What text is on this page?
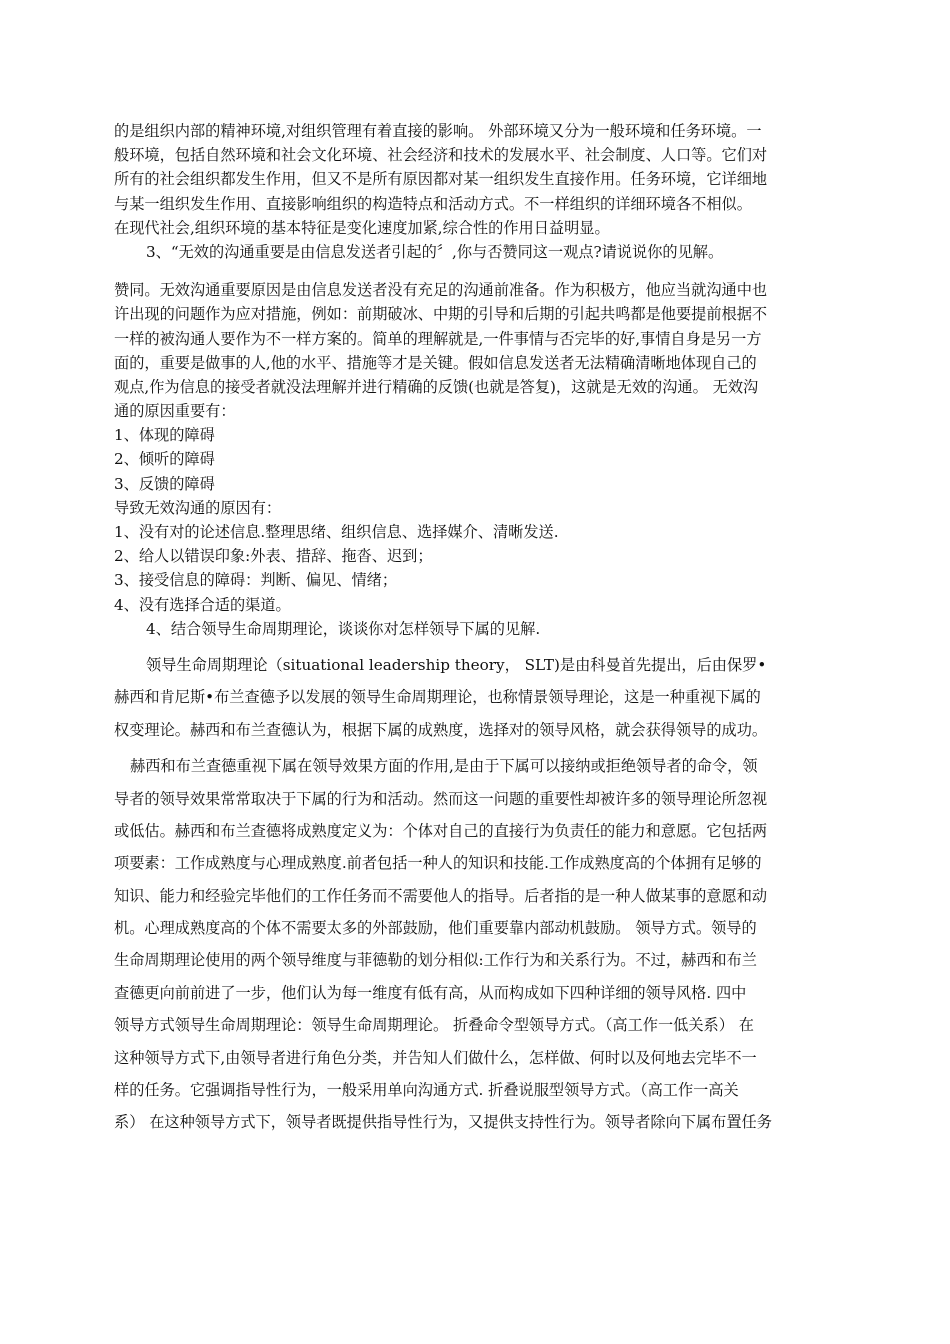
的是组织内部的精神环境,对组织管理有着直接的影响。 外部环境又分为一般环境和任务环境。一
般环境，包括自然环境和社会文化环境、社会经济和技术的发展水平、社会制度、人口等。它们对
所有的社会组织都发生作用，但又不是所有原因都对某一组织发生直接作用。任务环境，它详细地
与某一组织发生作用、直接影响组织的构造特点和活动方式。不一样组织的详细环境各不相似。
在现代社会,组织环境的基本特征是变化速度加紧,综合性的作用日益明显。
3、“无效的沟通重要是由信息发送者引起的〞,你与否赞同这一观点?请说说你的见解。
赞同。无效沟通重要原因是由信息发送者没有充足的沟通前准备。作为积极方，他应当就沟通中也
许出现的问题作为应对措施，例如：前期破冰、中期的引导和后期的引起共鸣都是他要提前根据不
一样的被沟通人要作为不一样方案的。简单的理解就是,一件事情与否完毕的好,事情自身是另一方
面的，重要是做事的人,他的水平、措施等才是关键。假如信息发送者无法精确清晰地体现自己的
观点,作为信息的接受者就没法理解并进行精确的反馈(也就是答复)，这就是无效的沟通。 无效沟
通的原因重要有：
1、体现的障碍
2、倾听的障碍
3、反馈的障碍
导致无效沟通的原因有：
1、没有对的论述信息.整理思绪、组织信息、选择媒介、清晰发送.
2、给人以错误印象:外表、措辞、拖沓、迟到；
3、接受信息的障碍：判断、偏见、情绪；
4、没有选择合适的渠道。
4、结合领导生命周期理论，谈谈你对怎样领导下属的见解.
领导生命周期理论（situational leadership theory， SLT)是由科曼首先提出，后由保罗•
赫西和肯尼斯•布兰查德予以发展的领导生命周期理论，也称情景领导理论，这是一种重视下属的
权变理论。赫西和布兰查德认为，根据下属的成熟度，选择对的领导风格，就会获得领导的成功。
赫西和布兰查德重视下属在领导效果方面的作用,是由于下属可以接纳或拒绝领导者的命令，领
导者的领导效果常常取决于下属的行为和活动。然而这一问题的重要性却被许多的领导理论所忽视
或低估。赫西和布兰查德将成熟度定义为：个体对自己的直接行为负责任的能力和意愿。它包括两
项要素：工作成熟度与心理成熟度.前者包括一种人的知识和技能.工作成熟度高的个体拥有足够的
知识、能力和经验完毕他们的工作任务而不需要他人的指导。后者指的是一种人做某事的意愿和动
机。心理成熟度高的个体不需要太多的外部鼓励，他们重要靠内部动机鼓励。 领导方式。领导的
生命周期理论使用的两个领导维度与菲德勒的划分相似:工作行为和关系行为。不过，赫西和布兰
查德更向前前进了一步，他们认为每一维度有低有高，从而构成如下四种详细的领导风格. 四中
领导方式领导生命周期理论：领导生命周期理论。 折叠命令型领导方式。（高工作一低关系） 在
这种领导方式下,由领导者进行角色分类，并告知人们做什么，怎样做、何时以及何地去完毕不一
样的任务。它强调指导性行为，一般采用单向沟通方式. 折叠说服型领导方式。（高工作一高关
系） 在这种领导方式下，领导者既提供指导性行为，又提供支持性行为。领导者除向下属布置任务
